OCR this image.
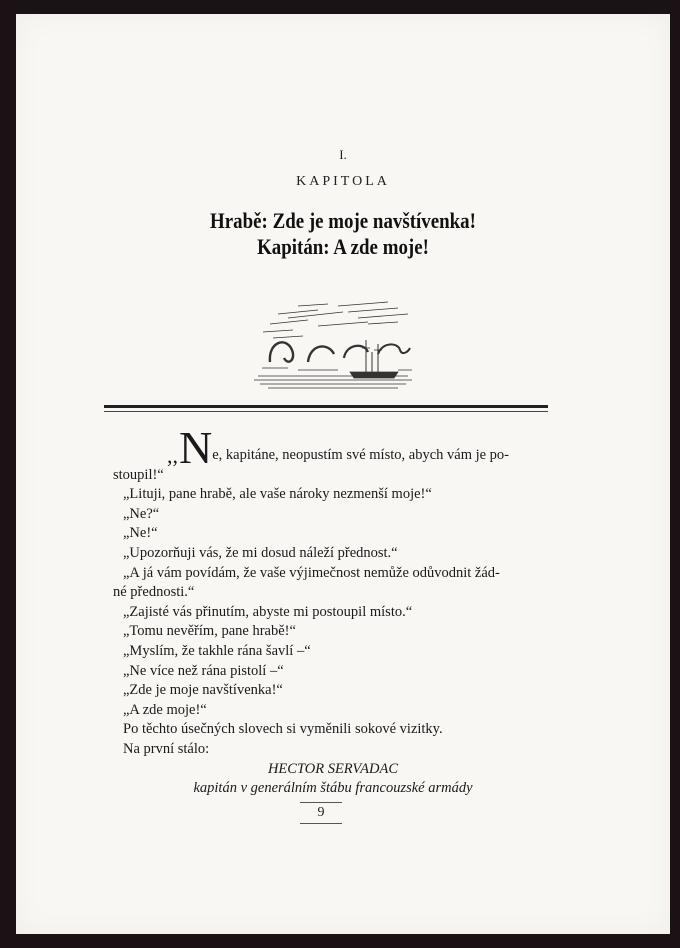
I.
KAPITOLA
Hrabě: Zde je moje navštívenka!
Kapitán: A zde moje!

,,Ne, kapitáne, neopustím své místo, abych vám je po-

stoupil!“

„Lituji, pane hrabě, ale vaše nároky nezmenší moje!“

„Ne?“

„Ne!“

„Upozorňuji vás, že mi dosud náleží přednost.“

„A já vám povídám, že vaše výjimečnost nemůže odůvodnit žád-

né přednosti.“

„Zajisté vás přinutím, abyste mi postoupil místo.“

„Tomu nevěřím, pane hrabě!“

„Myslím, že takhle rána šavlí –“

„Ne více než rána pistolí –“

„Zde je moje navštívenka!“

„A zde moje!“

Po těchto úsečných slovech si vyměnili sokové vizitky.

Na první stálo:

HECTOR SERVADAC

kapitán v generálním štábu francouzské armády

9
